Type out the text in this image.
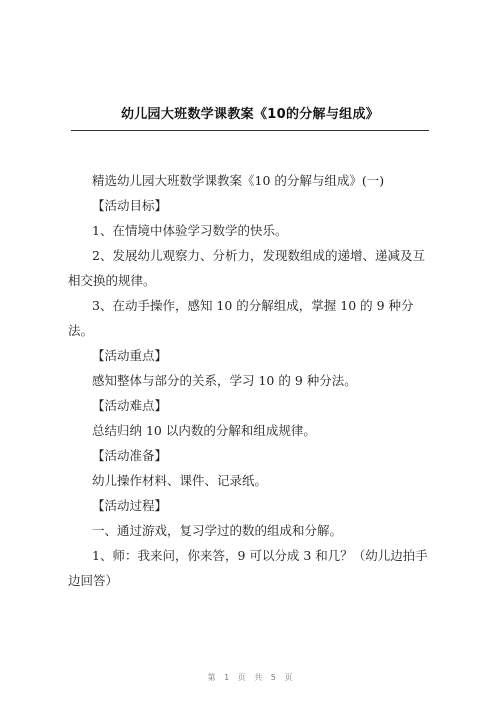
幼儿园大班数学课教案《10的分解与组成》

精选幼儿园大班数学课教案《10 的分解与组成》(一)

【活动目标】

1、在情境中体验学习数学的快乐。

2、发展幼儿观察力、分析力，发现数组成的递增、递减及互相交换的规律。

3、在动手操作，感知 10 的分解组成，掌握 10 的 9 种分法。

【活动重点】

感知整体与部分的关系，学习 10 的 9 种分法。

【活动难点】

总结归纳 10 以内数的分解和组成规律。

【活动准备】

幼儿操作材料、课件、记录纸。

【活动过程】

一、通过游戏，复习学过的数的组成和分解。

1、师：我来问，你来答，9 可以分成 3 和几？（幼儿边拍手边回答）

第 1 页 共 5 页
